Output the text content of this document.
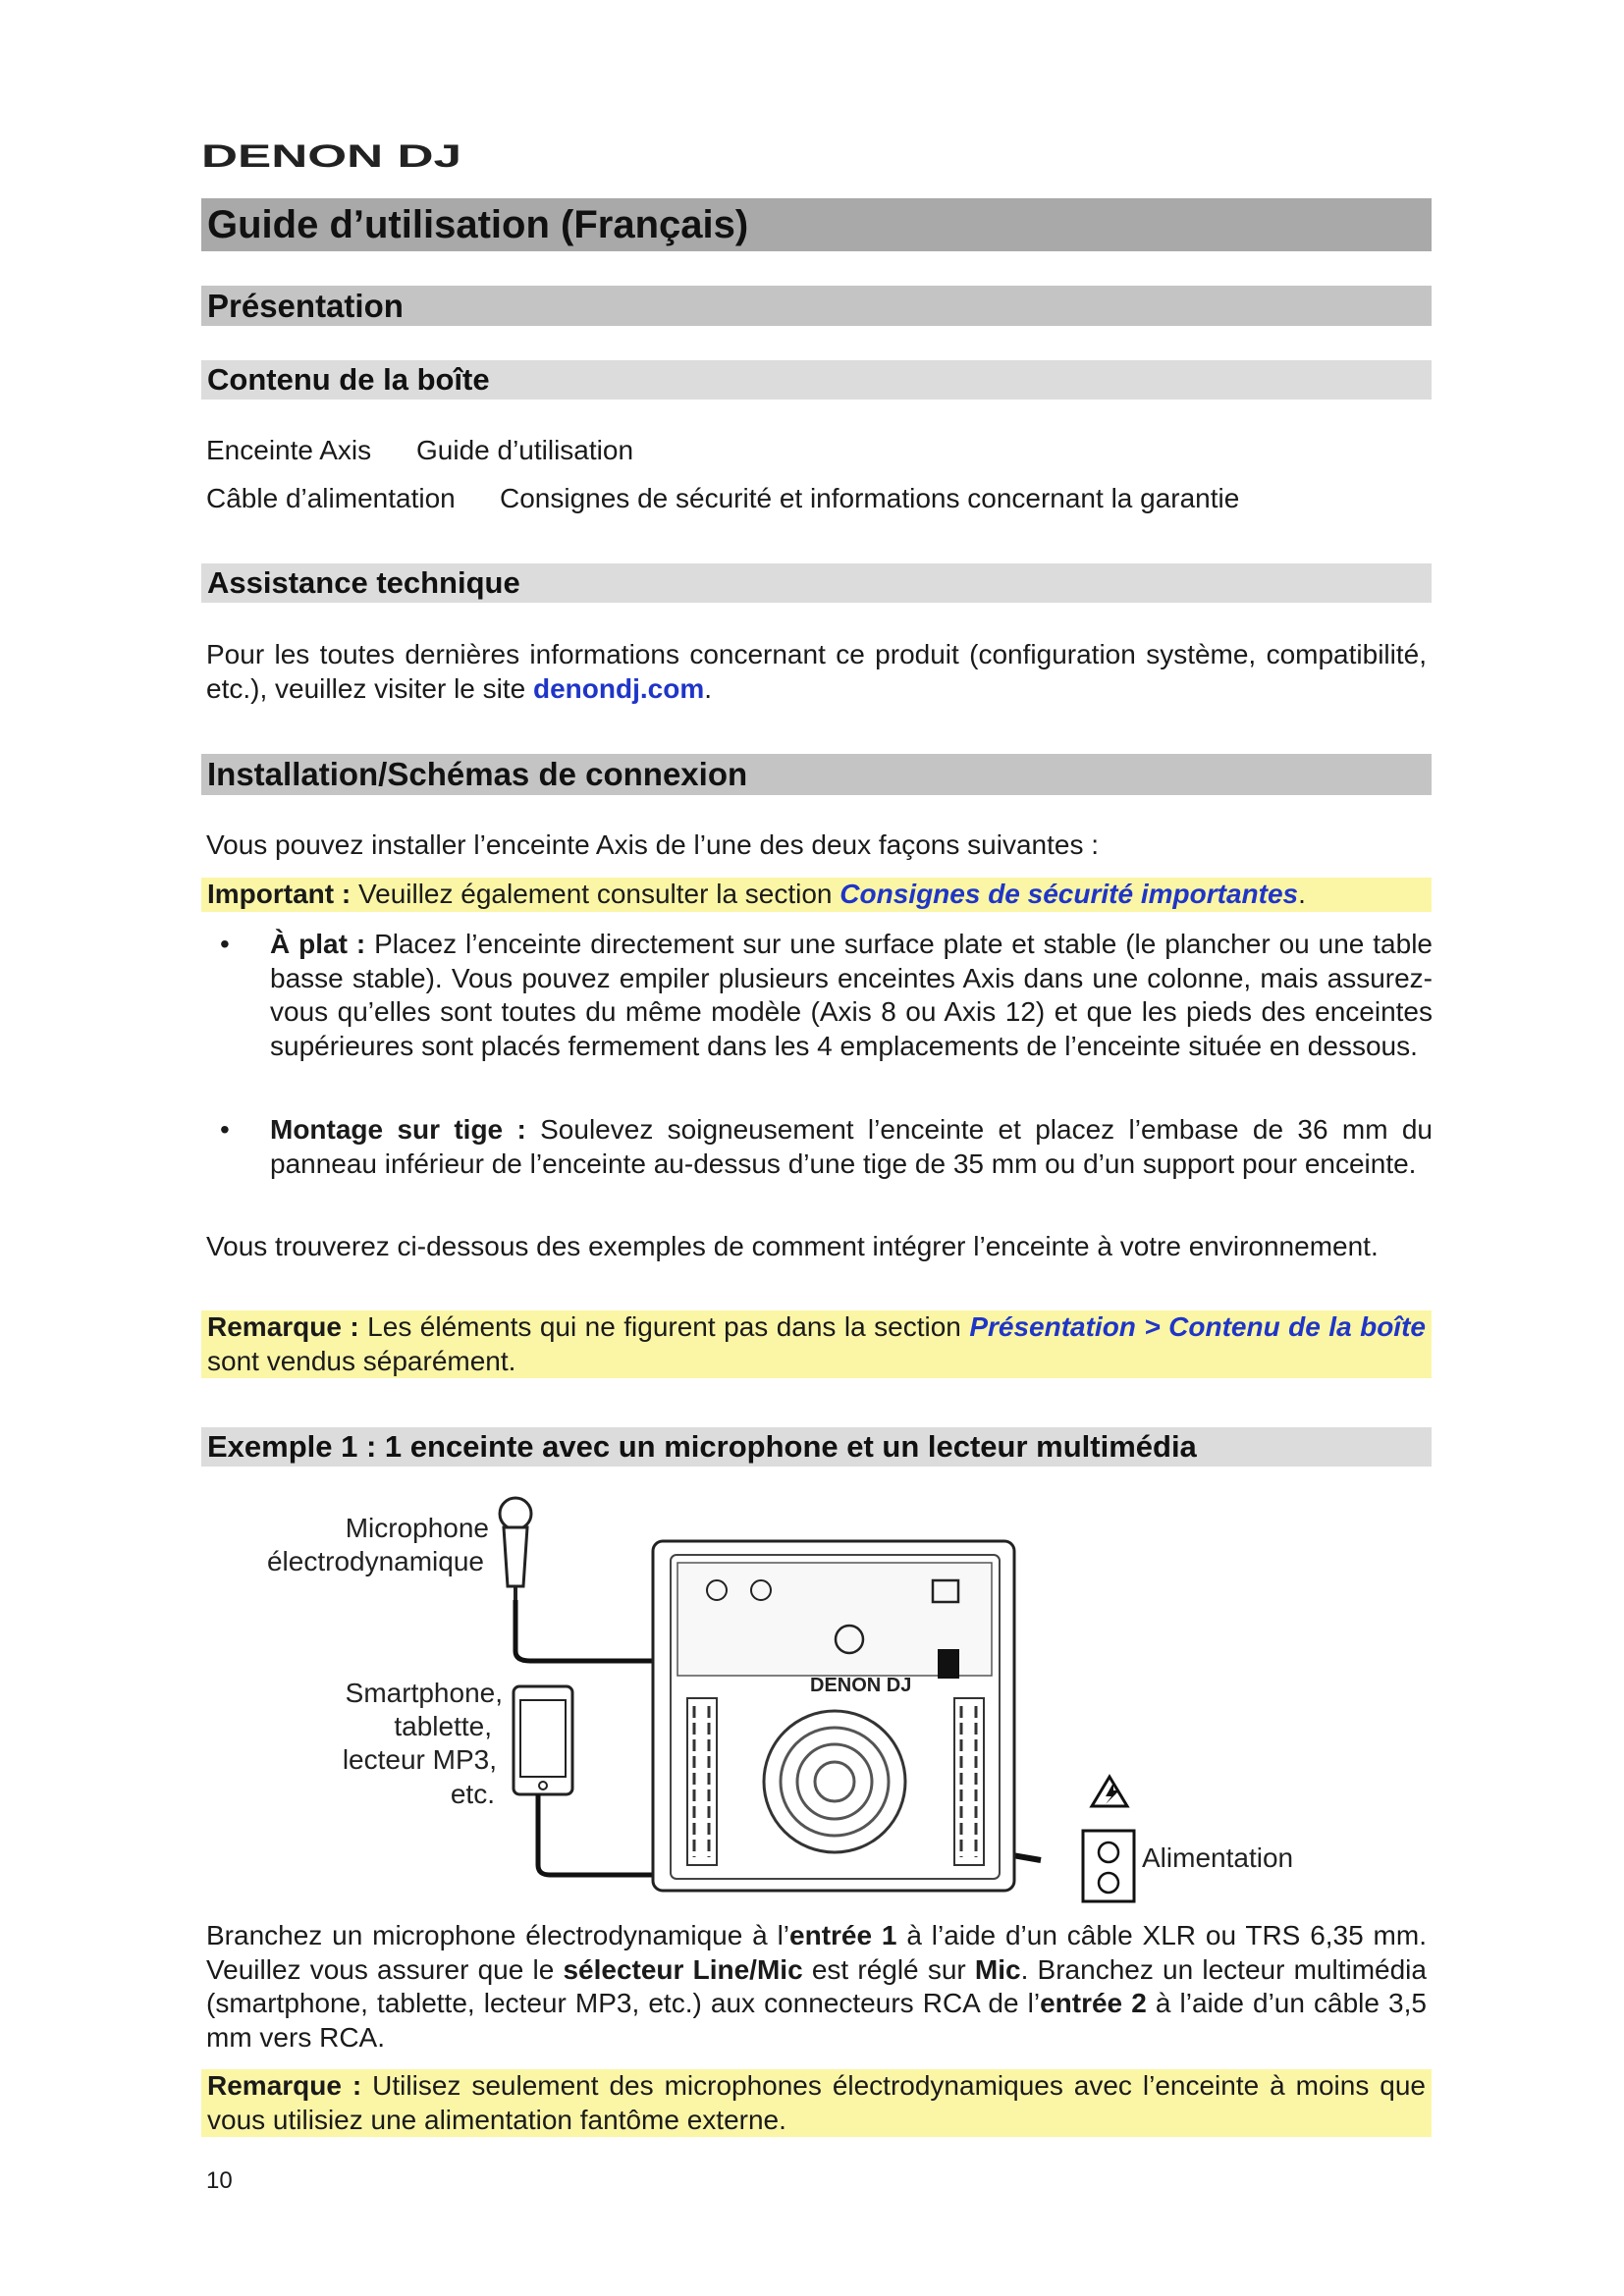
DENON DJ
Guide d’utilisation (Français)
Présentation
Contenu de la boîte
Enceinte Axis Guide d’utilisation
Câble d’alimentation Consignes de sécurité et informations concernant la garantie
Assistance technique
Pour les toutes dernières informations concernant ce produit (configuration système, compatibilité, etc.), veuillez visiter le site denondj.com.
Installation/Schémas de connexion
Vous pouvez installer l’enceinte Axis de l’une des deux façons suivantes :
Important : Veuillez également consulter la section Consignes de sécurité importantes.
• À plat : Placez l’enceinte directement sur une surface plate et stable (le plancher ou une table basse stable). Vous pouvez empiler plusieurs enceintes Axis dans une colonne, mais assurez-vous qu’elles sont toutes du même modèle (Axis 8 ou Axis 12) et que les pieds des enceintes supérieures sont placés fermement dans les 4 emplacements de l’enceinte située en dessous.
• Montage sur tige : Soulevez soigneusement l’enceinte et placez l’embase de 36 mm du panneau inférieur de l’enceinte au-dessus d’une tige de 35 mm ou d’un support pour enceinte.
Vous trouverez ci-dessous des exemples de comment intégrer l’enceinte à votre environnement.
Remarque : Les éléments qui ne figurent pas dans la section Présentation > Contenu de la boîte sont vendus séparément.
Exemple 1 : 1 enceinte avec un microphone et un lecteur multimédia
Microphone
électrodynamique
Smartphone,
tablette,
lecteur MP3,
etc.
Alimentation
DENON DJ
Branchez un microphone électrodynamique à l’entrée 1 à l’aide d’un câble XLR ou TRS 6,35 mm. Veuillez vous assurer que le sélecteur Line/Mic est réglé sur Mic. Branchez un lecteur multimédia (smartphone, tablette, lecteur MP3, etc.) aux connecteurs RCA de l’entrée 2 à l’aide d’un câble 3,5 mm vers RCA.
Remarque : Utilisez seulement des microphones électrodynamiques avec l’enceinte à moins que vous utilisiez une alimentation fantôme externe.
10
